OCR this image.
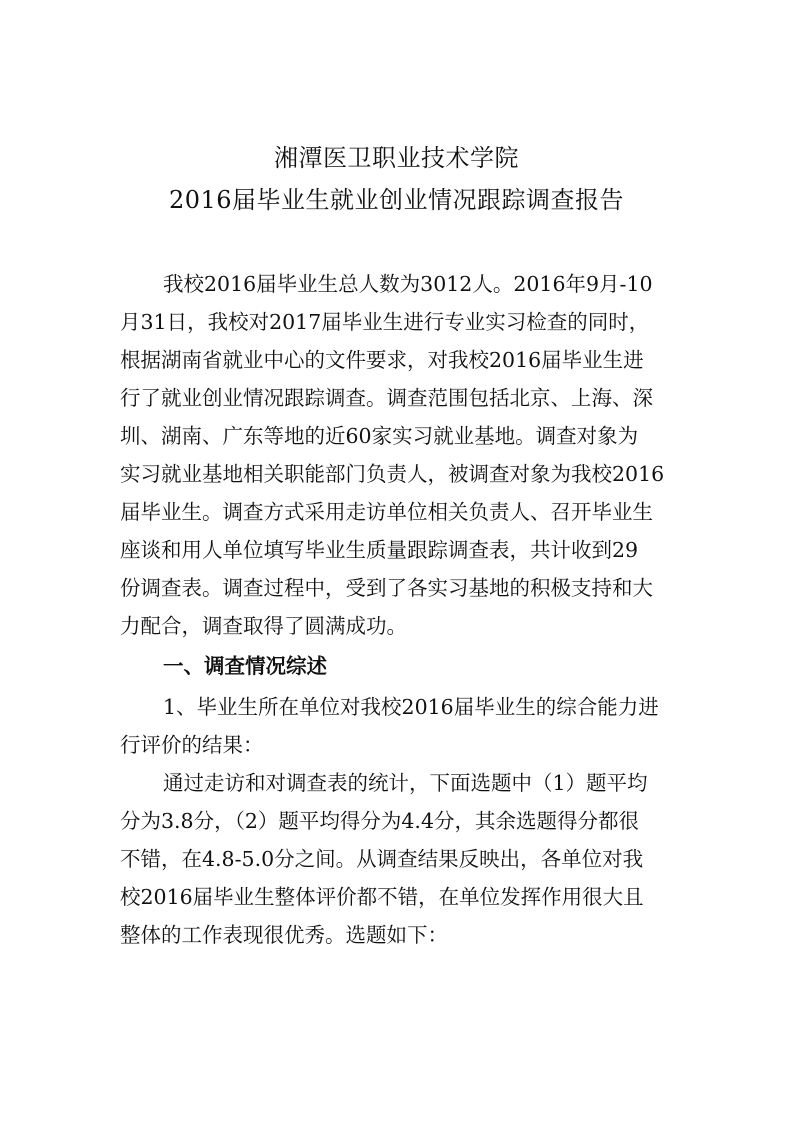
湘潭医卫职业技术学院
2016届毕业生就业创业情况跟踪调查报告
我校2016届毕业生总人数为3012人。2016年9月-10
月31日，我校对2017届毕业生进行专业实习检查的同时，
根据湖南省就业中心的文件要求，对我校2016届毕业生进
行了就业创业情况跟踪调查。调查范围包括北京、上海、深
圳、湖南、广东等地的近60家实习就业基地。调查对象为
实习就业基地相关职能部门负责人，被调查对象为我校2016
届毕业生。调查方式采用走访单位相关负责人、召开毕业生
座谈和用人单位填写毕业生质量跟踪调查表，共计收到29
份调查表。调查过程中，受到了各实习基地的积极支持和大
力配合，调查取得了圆满成功。
一、调查情况综述
1、毕业生所在单位对我校2016届毕业生的综合能力进
行评价的结果：
通过走访和对调查表的统计，下面选题中（1）题平均
分为3.8分，（2）题平均得分为4.4分，其余选题得分都很
不错，在4.8-5.0分之间。从调查结果反映出，各单位对我
校2016届毕业生整体评价都不错，在单位发挥作用很大且
整体的工作表现很优秀。选题如下：
